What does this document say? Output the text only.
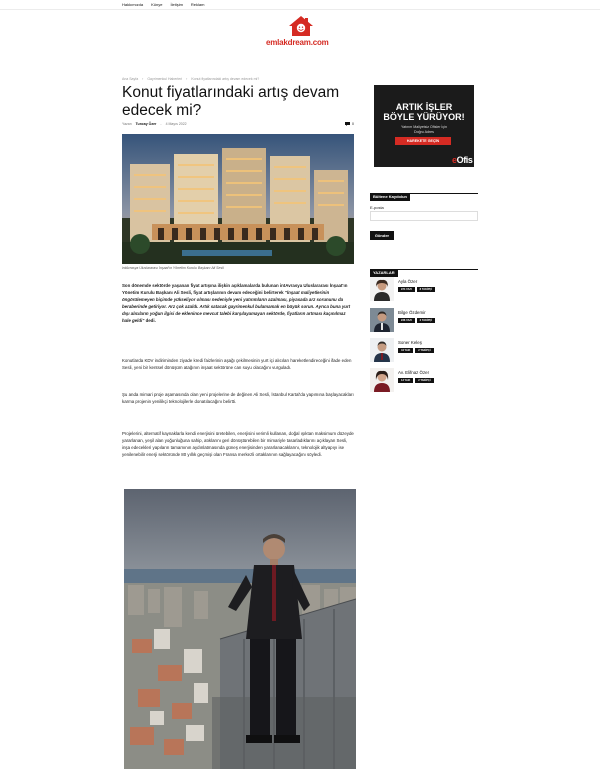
Hakkımızda Künye İletişim Reklam
emlakdream.com
Ana Sayfa › Gayrimenkul Haberleri › Konut fiyatlarındaki artış devam edecek mi?
Konut fiyatlarındaki artış devam edecek mi?
Yazan Tuncay Özer - 4 Mayıs 2022	0
intAvrasya Uluslararası İnşaat'ın Yönetim Kurulu Başkanı Ali Sesli

Son dönemde sektörde yaşanan fiyat artışına ilişkin açıklamalarda bulunan intAvrasya Uluslararası İnşaat'ın Yönetim Kurulu Başkanı Ali Sesli, fiyat artışlarının devam edeceğini belirterek "İnşaat maliyetlerinin öngörülemeyen biçimde yükseliyor olması nedeniyle yeni yatırımların azalması, piyasada arz sorununu da beraberinde getiriyor. Arz çok azaldı. Artık satacak gayrimenkul bulamamak en büyük sorun. Ayrıca buna yurt dışı alıcıların yoğun ilgisi de eklenince mevcut talebi karşılayamayan sektörde, fiyatların artması kaçınılmaz hale geldi" dedi.

Konutlarda KDV indiriminden ziyade kredi faizlerinin aşağı çekilmesinin yurt içi alıcıları hareketlendireceğini ifade eden Sesli, yeni bir kentsel dönüşüm atağının inşaat sektörüne can suyu olacağını vurguladı.

Şu anda mimari proje aşamasında olan yeni projelerine de değinen Ali Sesli, İstanbul Kartal'da yapımına başlayacakları karma projenin yenilikçi teknolojilerle donatılacağını belirtti.

Projelerini, alternatif kaynaklarla kendi enerjisini üretebilen, enerjisini verimli kullanan, doğal ışıktan maksimum düzeyde yararlanan, yeşil alan yoğunluğuna sahip, atıklarını geri dönüştürebilen bir mimariyle tasarladıklarını açıklayan Sesli, inşa edecekleri yapıların tamamının aydınlatmasında güneş enerjisinden yararlanacaklarını, teknolojik altyapıyı ise yenilenebilir enerji sektöründe 80 yıllık geçmişi olan Fransa merkezli ortaklarının sağlayacağını söyledi.

ARTIK İŞLER
BÖYLE YÜRÜYOR!
Yatırım Maliyetsiz Ofisler İçin
Doğru Adres
HAREKETE GEÇİN
eOfis
Bültene Kaydolun
E-posta
Gönder
YAZARLAR
Ayla Özer
974 YAZI	8 TAKİPÇİ
Bilge Özdemir
236 YAZI	3 TAKİPÇİ
Soner Keleş
44 YAZI	2 TAKİPÇİ
Av. Elifnaz Özer
13 YAZI	2 TAKİPÇİ
